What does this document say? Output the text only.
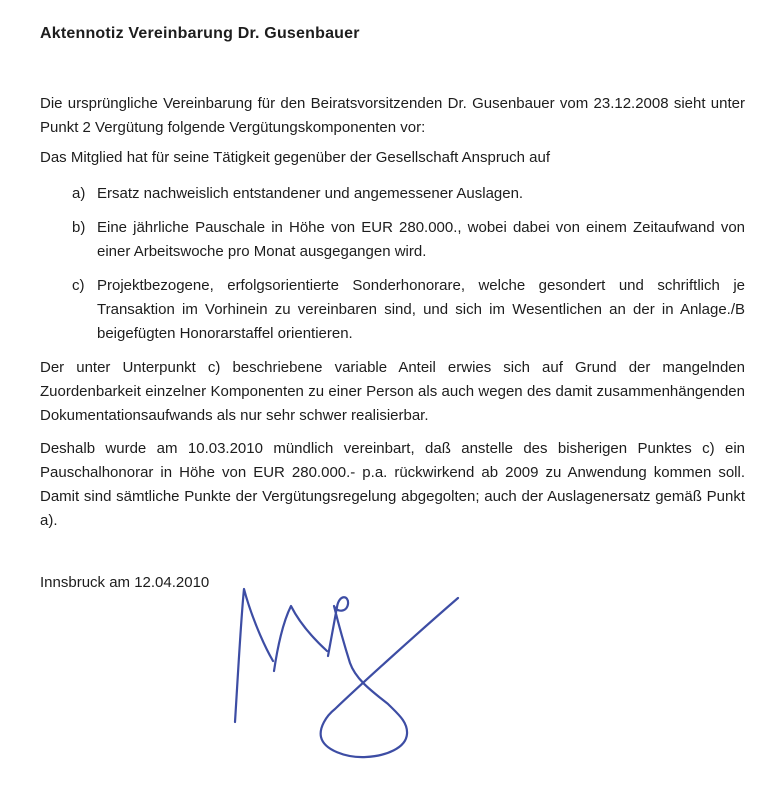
Aktennotiz Vereinbarung Dr. Gusenbauer

Die ursprüngliche Vereinbarung für den Beiratsvorsitzenden Dr. Gusenbauer vom 23.12.2008 sieht unter Punkt 2 Vergütung folgende Vergütungskomponenten vor:

Das Mitglied hat für seine Tätigkeit gegenüber der Gesellschaft Anspruch auf

a) Ersatz nachweislich entstandener und angemessener Auslagen.
b) Eine jährliche Pauschale in Höhe von EUR 280.000., wobei dabei von einem Zeitaufwand von einer Arbeitswoche pro Monat ausgegangen wird.
c) Projektbezogene, erfolgsorientierte Sonderhonorare, welche gesondert und schriftlich je Transaktion im Vorhinein zu vereinbaren sind, und sich im Wesentlichen an der in Anlage./B beigefügten Honorarstaffel orientieren.

Der unter Unterpunkt c) beschriebene variable Anteil erwies sich auf Grund der mangelnden Zuordenbarkeit einzelner Komponenten zu einer Person als auch wegen des damit zusammenhängenden Dokumentationsaufwands als nur sehr schwer realisierbar.

Deshalb wurde am 10.03.2010 mündlich vereinbart, daß anstelle des bisherigen Punktes c) ein Pauschalhonorar in Höhe von EUR 280.000.- p.a. rückwirkend ab 2009 zu Anwendung kommen soll. Damit sind sämtliche Punkte der Vergütungsregelung abgegolten; auch der Auslagenersatz gemäß Punkt a).

Innsbruck am 12.04.2010
